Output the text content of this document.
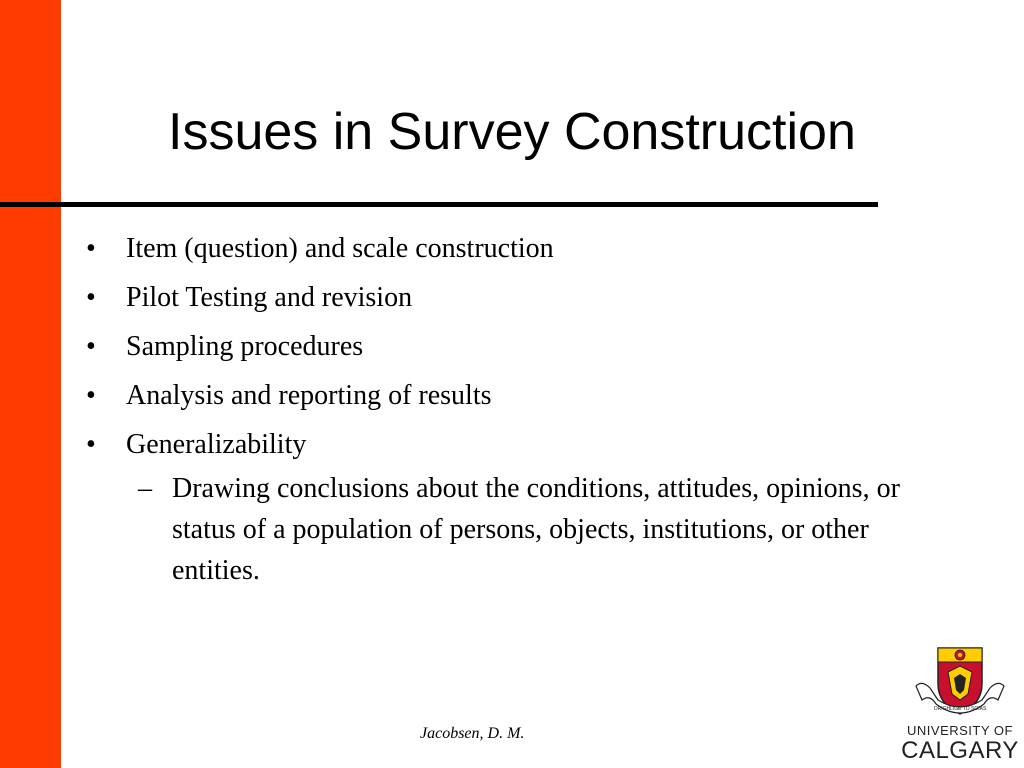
Issues in Survey Construction
• Item (question) and scale construction
• Pilot Testing and revision
• Sampling procedures
• Analysis and reporting of results
• Generalizability
– Drawing conclusions about the conditions, attitudes, opinions, or status of a population of persons, objects, institutions, or other entities.
Jacobsen, D. M.
ORIGHLIGE TO SOIAS
UNIVERSITY OF
CALGARY
